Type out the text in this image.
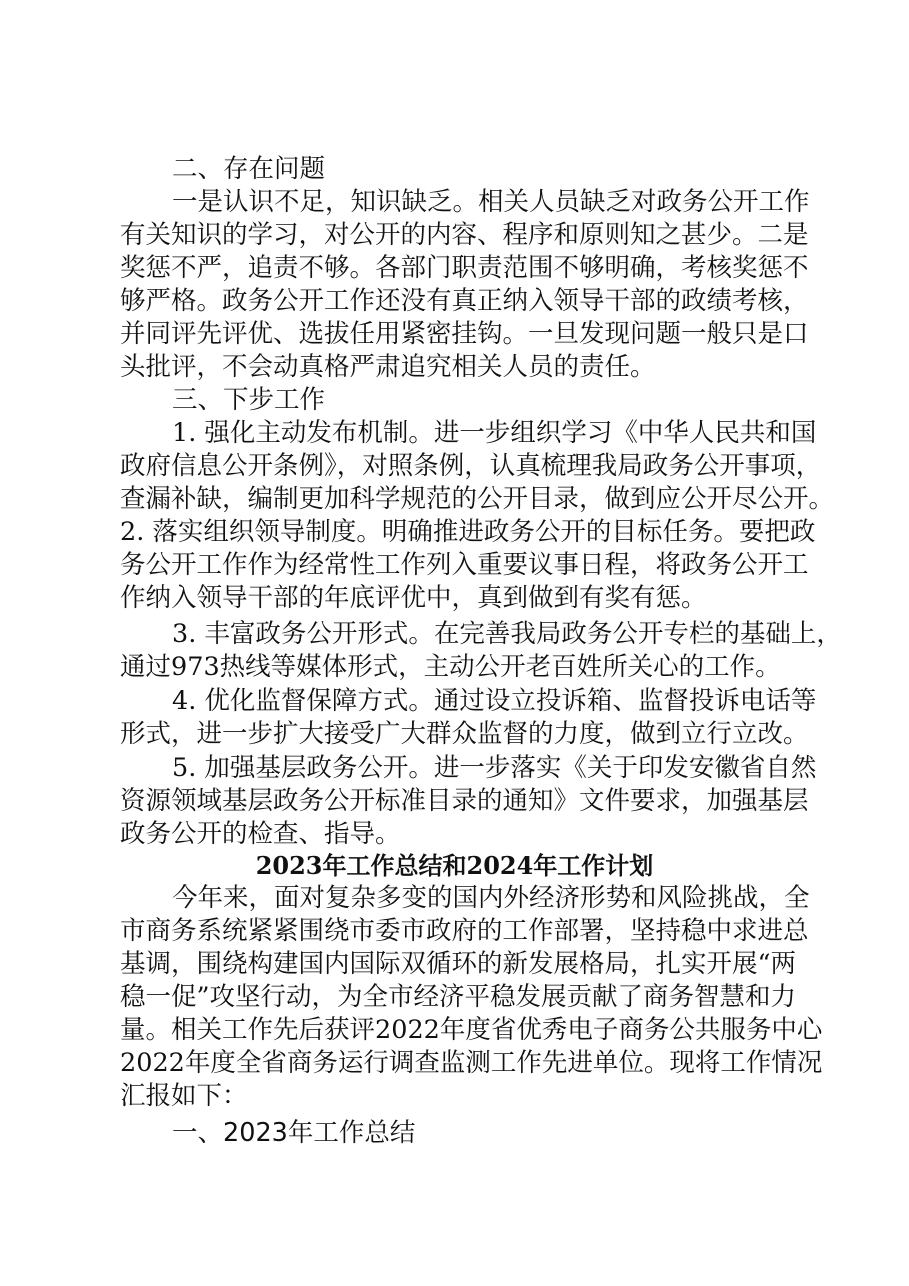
二、存在问题
一是认识不足，知识缺乏。相关人员缺乏对政务公开工作
有关知识的学习，对公开的内容、程序和原则知之甚少。二是
奖惩不严，追责不够。各部门职责范围不够明确，考核奖惩不
够严格。政务公开工作还没有真正纳入领导干部的政绩考核，
并同评先评优、选拔任用紧密挂钩。一旦发现问题一般只是口
头批评，不会动真格严肃追究相关人员的责任。
三、下步工作
1. 强化主动发布机制。进一步组织学习《中华人民共和国
政府信息公开条例》，对照条例，认真梳理我局政务公开事项，
查漏补缺，编制更加科学规范的公开目录，做到应公开尽公开。
2. 落实组织领导制度。明确推进政务公开的目标任务。要把政
务公开工作作为经常性工作列入重要议事日程，将政务公开工
作纳入领导干部的年底评优中，真到做到有奖有惩。
3. 丰富政务公开形式。在完善我局政务公开专栏的基础上，
通过973热线等媒体形式，主动公开老百姓所关心的工作。
4. 优化监督保障方式。通过设立投诉箱、监督投诉电话等
形式，进一步扩大接受广大群众监督的力度，做到立行立改。
5. 加强基层政务公开。进一步落实《关于印发安徽省自然
资源领域基层政务公开标准目录的通知》文件要求，加强基层
政务公开的检查、指导。
2023年工作总结和2024年工作计划
今年来，面对复杂多变的国内外经济形势和风险挑战，全
市商务系统紧紧围绕市委市政府的工作部署，坚持稳中求进总
基调，围绕构建国内国际双循环的新发展格局，扎实开展“两
稳一促”攻坚行动，为全市经济平稳发展贡献了商务智慧和力
量。相关工作先后获评2022年度省优秀电子商务公共服务中心
2022年度全省商务运行调查监测工作先进单位。现将工作情况
汇报如下：
一、2023年工作总结
